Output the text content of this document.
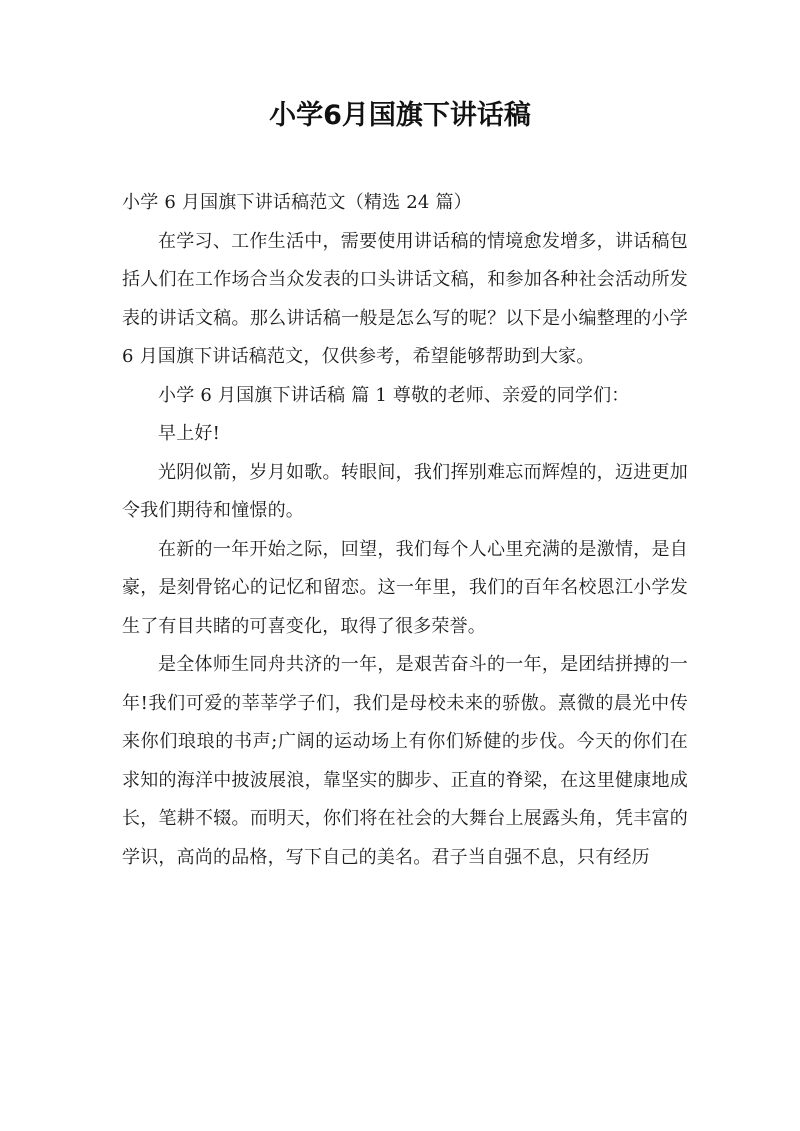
小学6月国旗下讲话稿

小学 6 月国旗下讲话稿范文（精选 24 篇）

在学习、工作生活中，需要使用讲话稿的情境愈发增多，讲话稿包括人们在工作场合当众发表的口头讲话文稿，和参加各种社会活动所发表的讲话文稿。那么讲话稿一般是怎么写的呢？以下是小编整理的小学 6 月国旗下讲话稿范文，仅供参考，希望能够帮助到大家。

小学 6 月国旗下讲话稿 篇 1 尊敬的老师、亲爱的同学们：

早上好!

光阴似箭，岁月如歌。转眼间，我们挥别难忘而辉煌的，迈进更加令我们期待和憧憬的。

在新的一年开始之际，回望，我们每个人心里充满的是激情，是自豪，是刻骨铭心的记忆和留恋。这一年里，我们的百年名校恩江小学发生了有目共睹的可喜变化，取得了很多荣誉。

是全体师生同舟共济的一年，是艰苦奋斗的一年，是团结拼搏的一年!我们可爱的莘莘学子们，我们是母校未来的骄傲。熹微的晨光中传来你们琅琅的书声;广阔的运动场上有你们矫健的步伐。今天的你们在求知的海洋中披波展浪，靠坚实的脚步、正直的脊梁，在这里健康地成长，笔耕不辍。而明天，你们将在社会的大舞台上展露头角，凭丰富的学识，高尚的品格，写下自己的美名。君子当自强不息，只有经历
